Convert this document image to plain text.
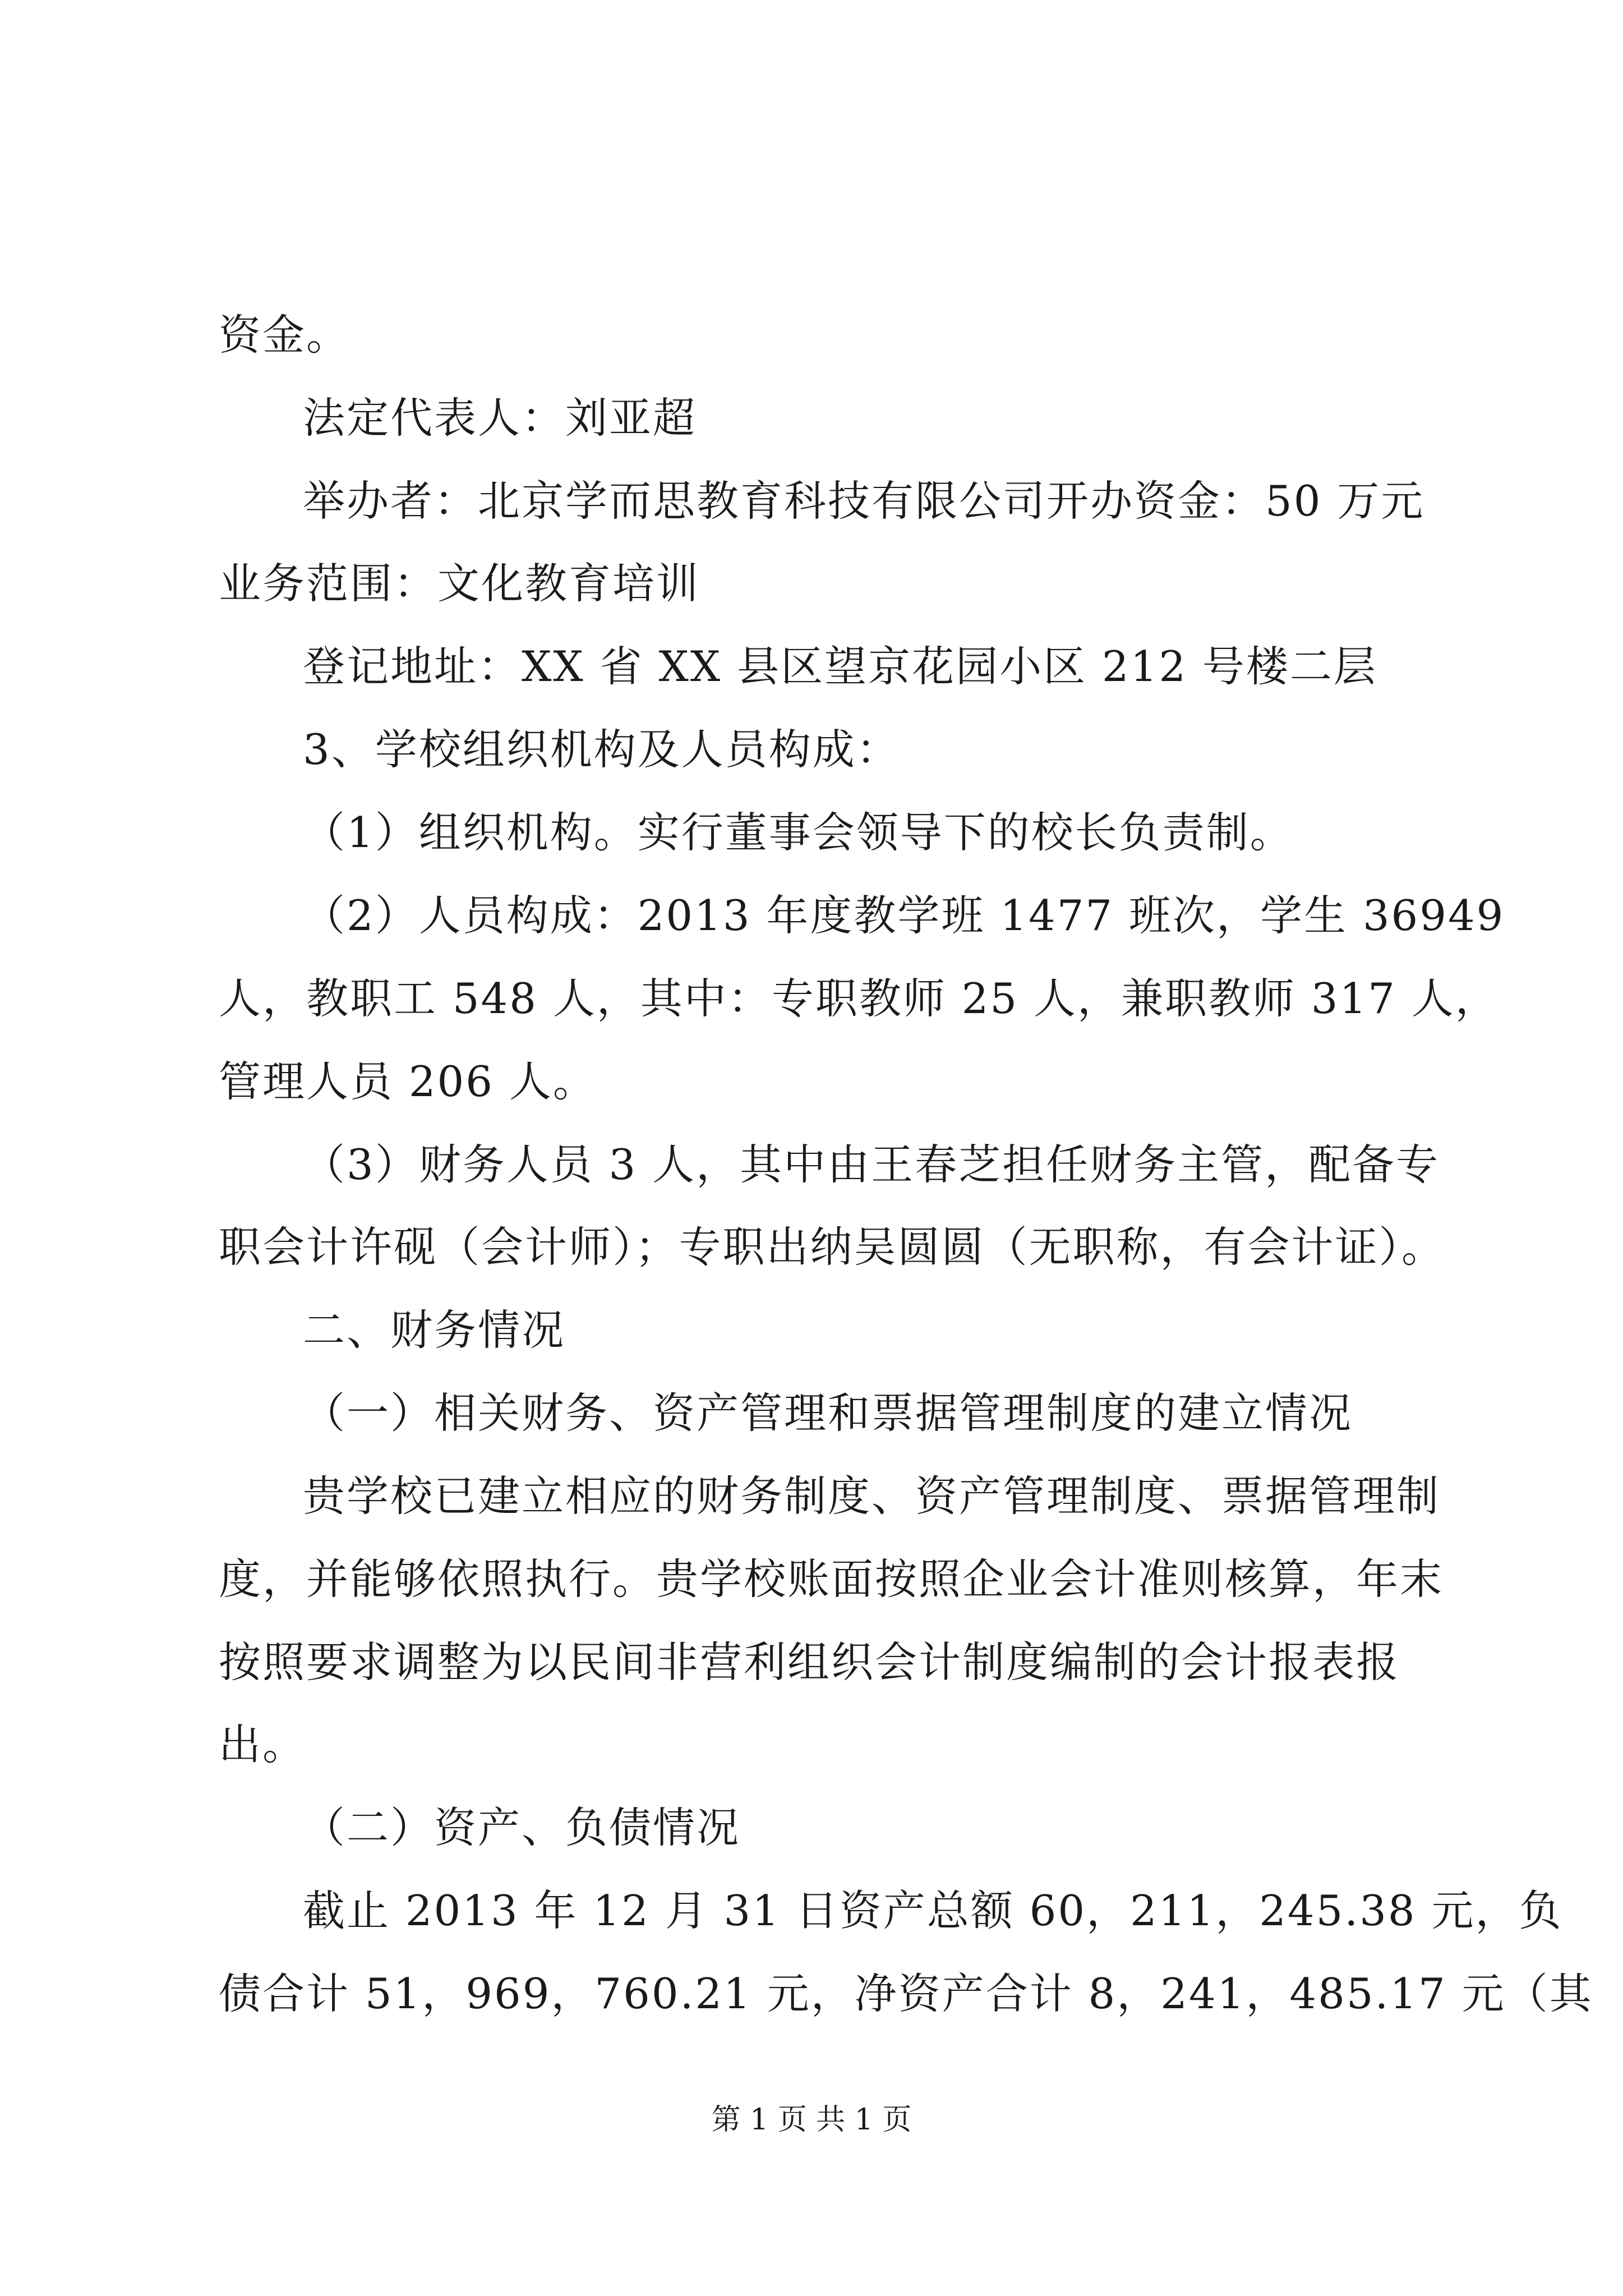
资金。
法定代表人：刘亚超
举办者：北京学而思教育科技有限公司开办资金：50 万元
业务范围：文化教育培训
登记地址：XX 省 XX 县区望京花园小区 212 号楼二层
3、学校组织机构及人员构成：
（1）组织机构。实行董事会领导下的校长负责制。
（2）人员构成：2013 年度教学班 1477 班次，学生 36949
人，教职工 548 人，其中：专职教师 25 人，兼职教师 317 人，
管理人员 206 人。
（3）财务人员 3 人，其中由王春芝担任财务主管，配备专
职会计许砚（会计师）；专职出纳吴圆圆（无职称，有会计证）。
二、财务情况
（一）相关财务、资产管理和票据管理制度的建立情况
贵学校已建立相应的财务制度、资产管理制度、票据管理制
度，并能够依照执行。贵学校账面按照企业会计准则核算，年末
按照要求调整为以民间非营利组织会计制度编制的会计报表报
出。
（二）资产、负债情况
截止 2013 年 12 月 31 日资产总额 60，211，245.38 元，负
债合计 51，969，760.21 元，净资产合计 8，241，485.17 元（其
第 1 页 共 1 页
